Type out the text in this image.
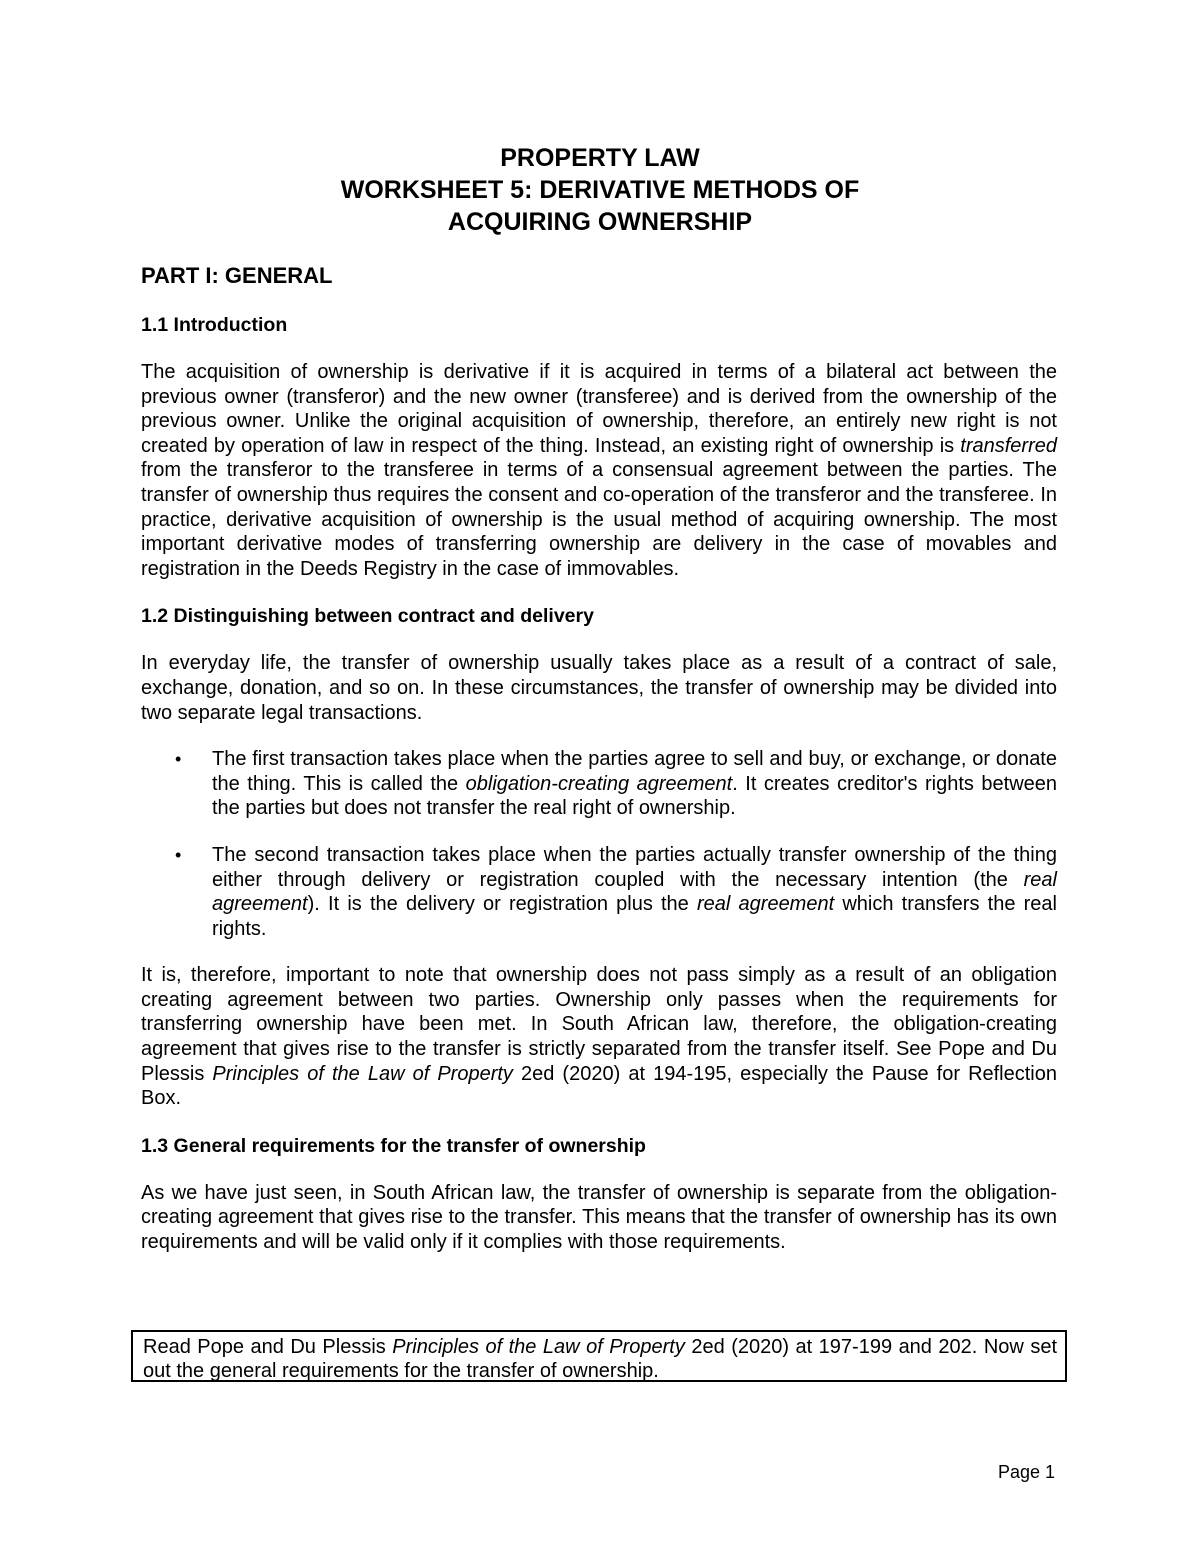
PROPERTY LAW
WORKSHEET 5: DERIVATIVE METHODS OF
ACQUIRING OWNERSHIP
PART I: GENERAL
1.1 Introduction

The acquisition of ownership is derivative if it is acquired in terms of a bilateral act between the previous owner (transferor) and the new owner (transferee) and is derived from the ownership of the previous owner. Unlike the original acquisition of ownership, therefore, an entirely new right is not created by operation of law in respect of the thing. Instead, an existing right of ownership is transferred from the transferor to the transferee in terms of a consensual agreement between the parties. The transfer of ownership thus requires the consent and co-operation of the transferor and the transferee. In practice, derivative acquisition of ownership is the usual method of acquiring ownership. The most important derivative modes of transferring ownership are delivery in the case of movables and registration in the Deeds Registry in the case of immovables.

1.2 Distinguishing between contract and delivery

In everyday life, the transfer of ownership usually takes place as a result of a contract of sale, exchange, donation, and so on. In these circumstances, the transfer of ownership may be divided into two separate legal transactions.

• The first transaction takes place when the parties agree to sell and buy, or exchange, or donate the thing. This is called the obligation-creating agreement. It creates creditor's rights between the parties but does not transfer the real right of ownership.
• The second transaction takes place when the parties actually transfer ownership of the thing either through delivery or registration coupled with the necessary intention (the real agreement). It is the delivery or registration plus the real agreement which transfers the real rights.

It is, therefore, important to note that ownership does not pass simply as a result of an obligation creating agreement between two parties. Ownership only passes when the requirements for transferring ownership have been met. In South African law, therefore, the obligation-creating agreement that gives rise to the transfer is strictly separated from the transfer itself. See Pope and Du Plessis Principles of the Law of Property 2ed (2020) at 194-195, especially the Pause for Reflection Box.

1.3 General requirements for the transfer of ownership

As we have just seen, in South African law, the transfer of ownership is separate from the obligation-creating agreement that gives rise to the transfer. This means that the transfer of ownership has its own requirements and will be valid only if it complies with those requirements.

Read Pope and Du Plessis Principles of the Law of Property 2ed (2020) at 197-199 and 202. Now set out the general requirements for the transfer of ownership.
Page 1
